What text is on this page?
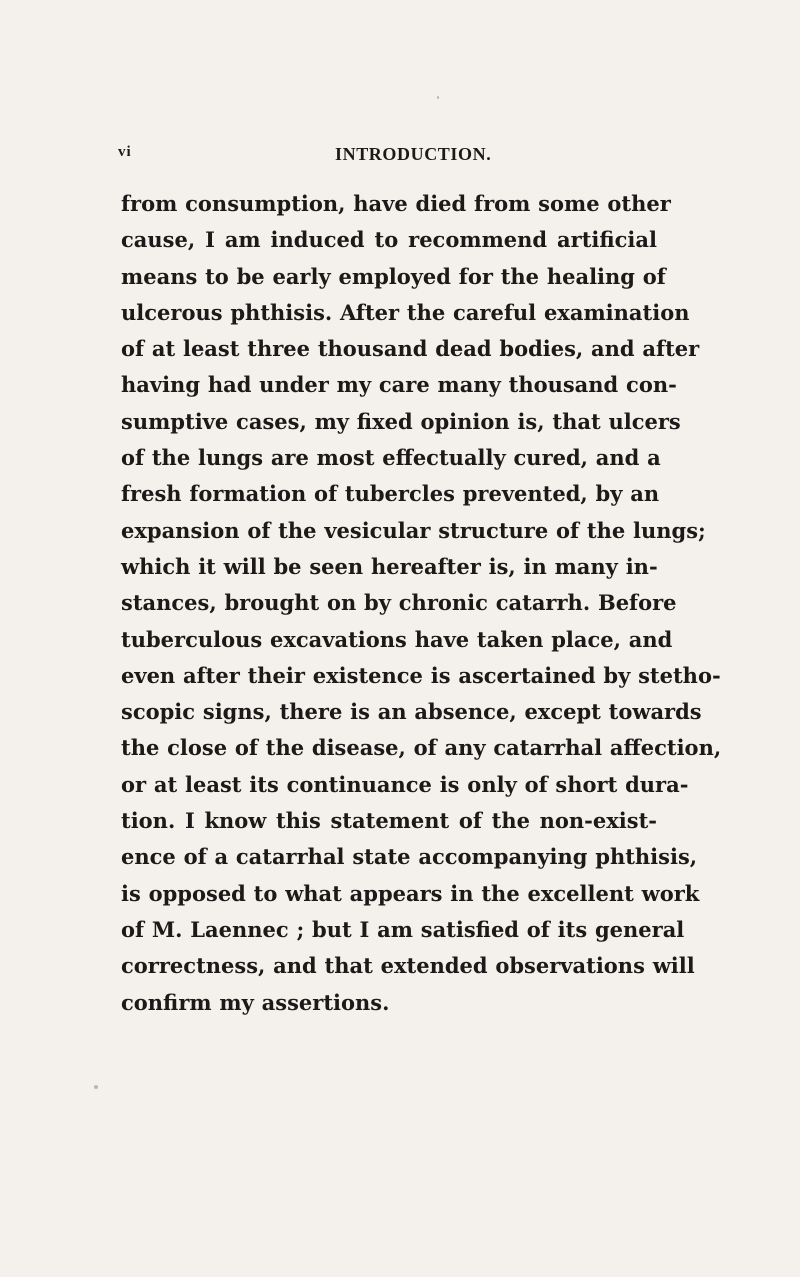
vi	INTRODUCTION.
from consumption, have died from some other
cause, I am induced to recommend artificial
means to be early employed for the healing of
ulcerous phthisis. After the careful examination
of at least three thousand dead bodies, and after
having had under my care many thousand con-
sumptive cases, my fixed opinion is, that ulcers
of the lungs are most effectually cured, and a
fresh formation of tubercles prevented, by an
expansion of the vesicular structure of the lungs;
which it will be seen hereafter is, in many in-
stances, brought on by chronic catarrh. Before
tuberculous excavations have taken place, and
even after their existence is ascertained by stetho-
scopic signs, there is an absence, except towards
the close of the disease, of any catarrhal affection,
or at least its continuance is only of short dura-
tion. I know this statement of the non-exist-
ence of a catarrhal state accompanying phthisis,
is opposed to what appears in the excellent work
of M. Laennec ; but I am satisfied of its general
correctness, and that extended observations will
confirm my assertions.
